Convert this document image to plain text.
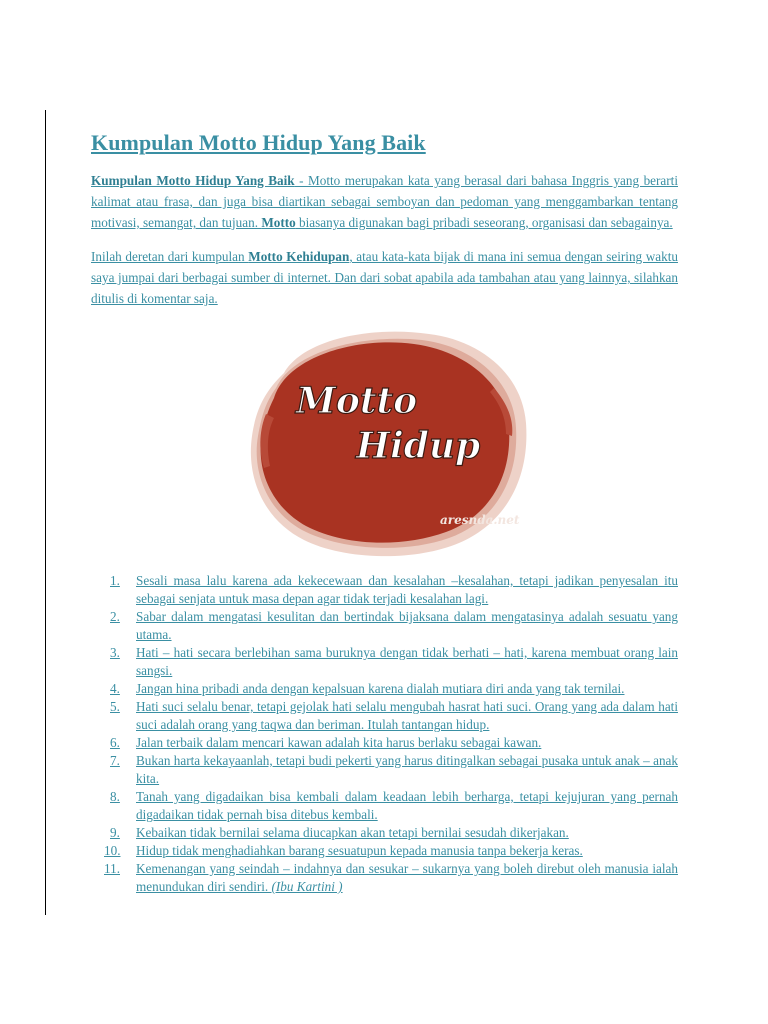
Kumpulan Motto Hidup Yang Baik

Kumpulan Motto Hidup Yang Baik - Motto merupakan kata yang berasal dari bahasa Inggris yang berarti kalimat atau frasa, dan juga bisa diartikan sebagai semboyan dan pedoman yang menggambarkan tentang motivasi, semangat, dan tujuan. Motto biasanya digunakan bagi pribadi seseorang, organisasi dan sebagainya.

Inilah deretan dari kumpulan Motto Kehidupan, atau kata-kata bijak di mana ini semua dengan seiring waktu saya jumpai dari berbagai sumber di internet. Dan dari sobat apabila ada tambahan atau yang lainnya, silahkan ditulis di komentar saja.

Motto
Hidup
aresnda.net
1. Sesali masa lalu karena ada kekecewaan dan kesalahan –kesalahan, tetapi jadikan penyesalan itu sebagai senjata untuk masa depan agar tidak terjadi kesalahan lagi.
2. Sabar dalam mengatasi kesulitan dan bertindak bijaksana dalam mengatasinya adalah sesuatu yang utama.
3. Hati – hati secara berlebihan sama buruknya dengan tidak berhati – hati, karena membuat orang lain sangsi.
4. Jangan hina pribadi anda dengan kepalsuan karena dialah mutiara diri anda yang tak ternilai.
5. Hati suci selalu benar, tetapi gejolak hati selalu mengubah hasrat hati suci. Orang yang ada dalam hati suci adalah orang yang taqwa dan beriman. Itulah tantangan hidup.
6. Jalan terbaik dalam mencari kawan adalah kita harus berlaku sebagai kawan.
7. Bukan harta kekayaanlah, tetapi budi pekerti yang harus ditingalkan sebagai pusaka untuk anak – anak kita.
8. Tanah yang digadaikan bisa kembali dalam keadaan lebih berharga, tetapi kejujuran yang pernah digadaikan tidak pernah bisa ditebus kembali.
9. Kebaikan tidak bernilai selama diucapkan akan tetapi bernilai sesudah dikerjakan.
10. Hidup tidak menghadiahkan barang sesuatupun kepada manusia tanpa bekerja keras.
11. Kemenangan yang seindah – indahnya dan sesukar – sukarnya yang boleh direbut oleh manusia ialah menundukan diri sendiri. (Ibu Kartini )
